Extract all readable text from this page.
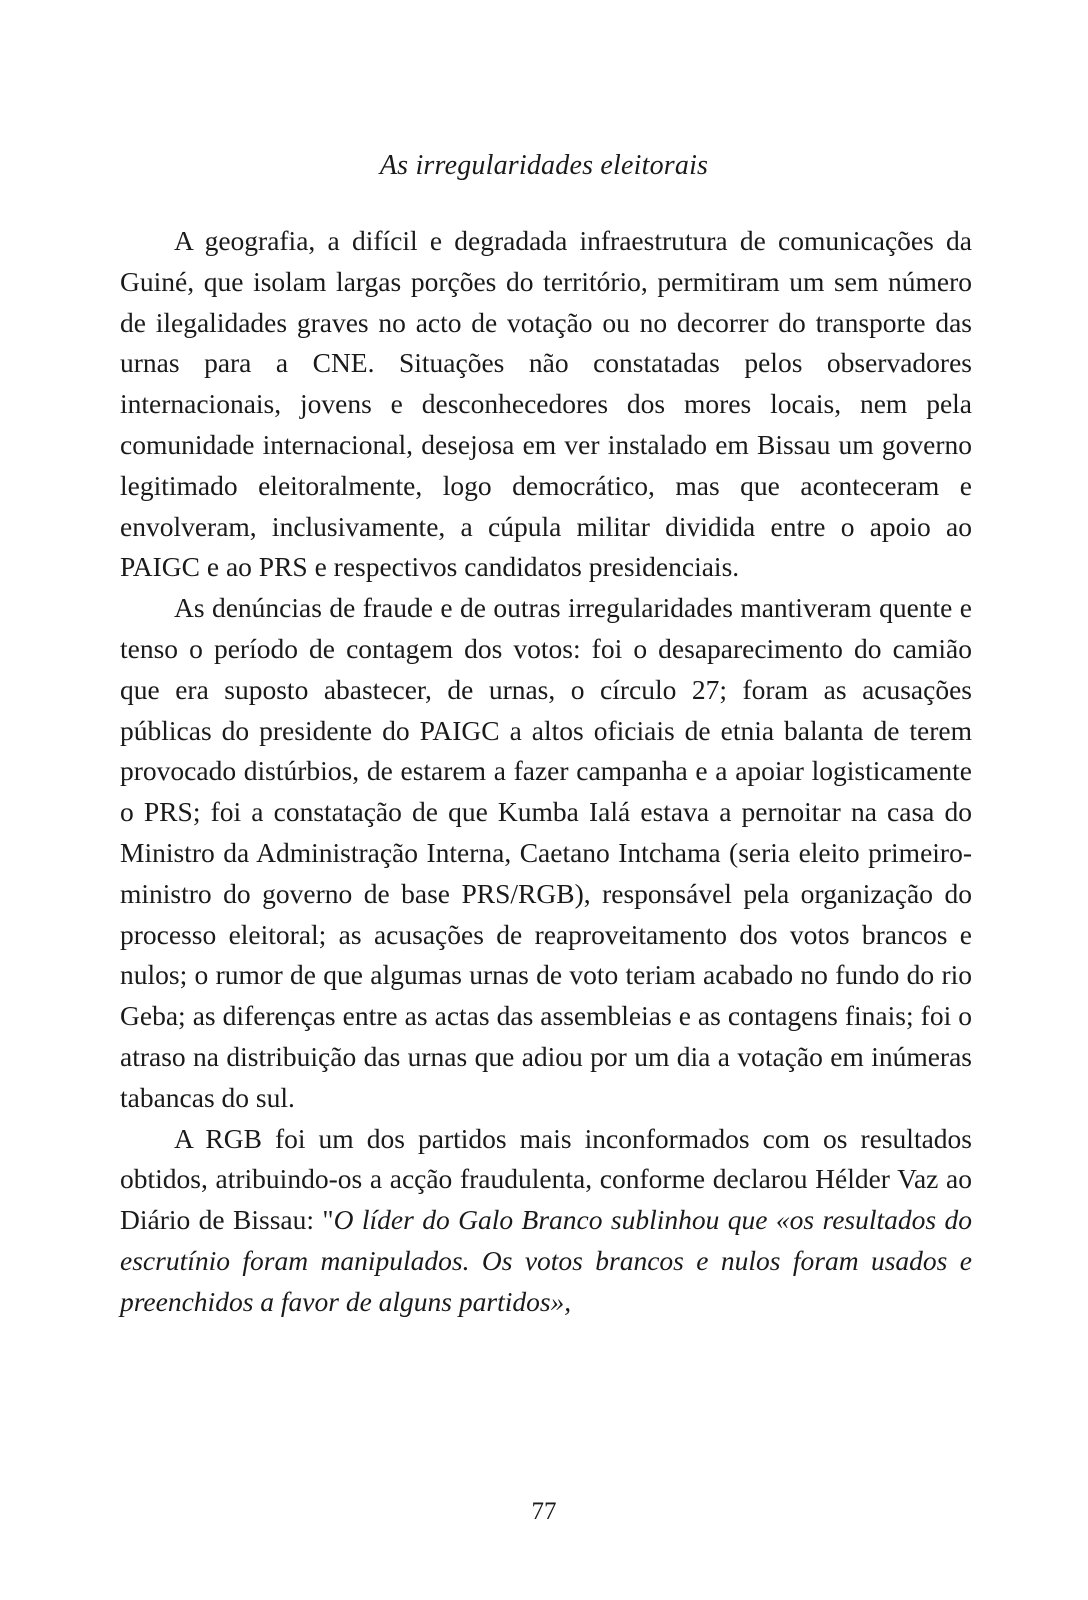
As irregularidades eleitorais

A geografia, a difícil e degradada infraestrutura de comunicações da Guiné, que isolam largas porções do território, permitiram um sem número de ilegalidades graves no acto de votação ou no decorrer do transporte das urnas para a CNE. Situações não constatadas pelos observadores internacionais, jovens e desconhecedores dos mores locais, nem pela comunidade internacional, desejosa em ver instalado em Bissau um governo legitimado eleitoralmente, logo democrático, mas que aconteceram e envolveram, inclusivamente, a cúpula militar dividida entre o apoio ao PAIGC e ao PRS e respectivos candidatos presidenciais.

As denúncias de fraude e de outras irregularidades mantiveram quente e tenso o período de contagem dos votos: foi o desaparecimento do camião que era suposto abastecer, de urnas, o círculo 27; foram as acusações públicas do presidente do PAIGC a altos oficiais de etnia balanta de terem provocado distúrbios, de estarem a fazer campanha e a apoiar logisticamente o PRS; foi a constatação de que Kumba Ialá estava a pernoitar na casa do Ministro da Administração Interna, Caetano Intchama (seria eleito primeiro-ministro do governo de base PRS/RGB), responsável pela organização do processo eleitoral; as acusações de reaproveitamento dos votos brancos e nulos; o rumor de que algumas urnas de voto teriam acabado no fundo do rio Geba; as diferenças entre as actas das assembleias e as contagens finais; foi o atraso na distribuição das urnas que adiou por um dia a votação em inúmeras tabancas do sul.

A RGB foi um dos partidos mais inconformados com os resultados obtidos, atribuindo-os a acção fraudulenta, conforme declarou Hélder Vaz ao Diário de Bissau: "O líder do Galo Branco sublinhou que «os resultados do escrutínio foram manipulados. Os votos brancos e nulos foram usados e preenchidos a favor de alguns partidos»,

77
